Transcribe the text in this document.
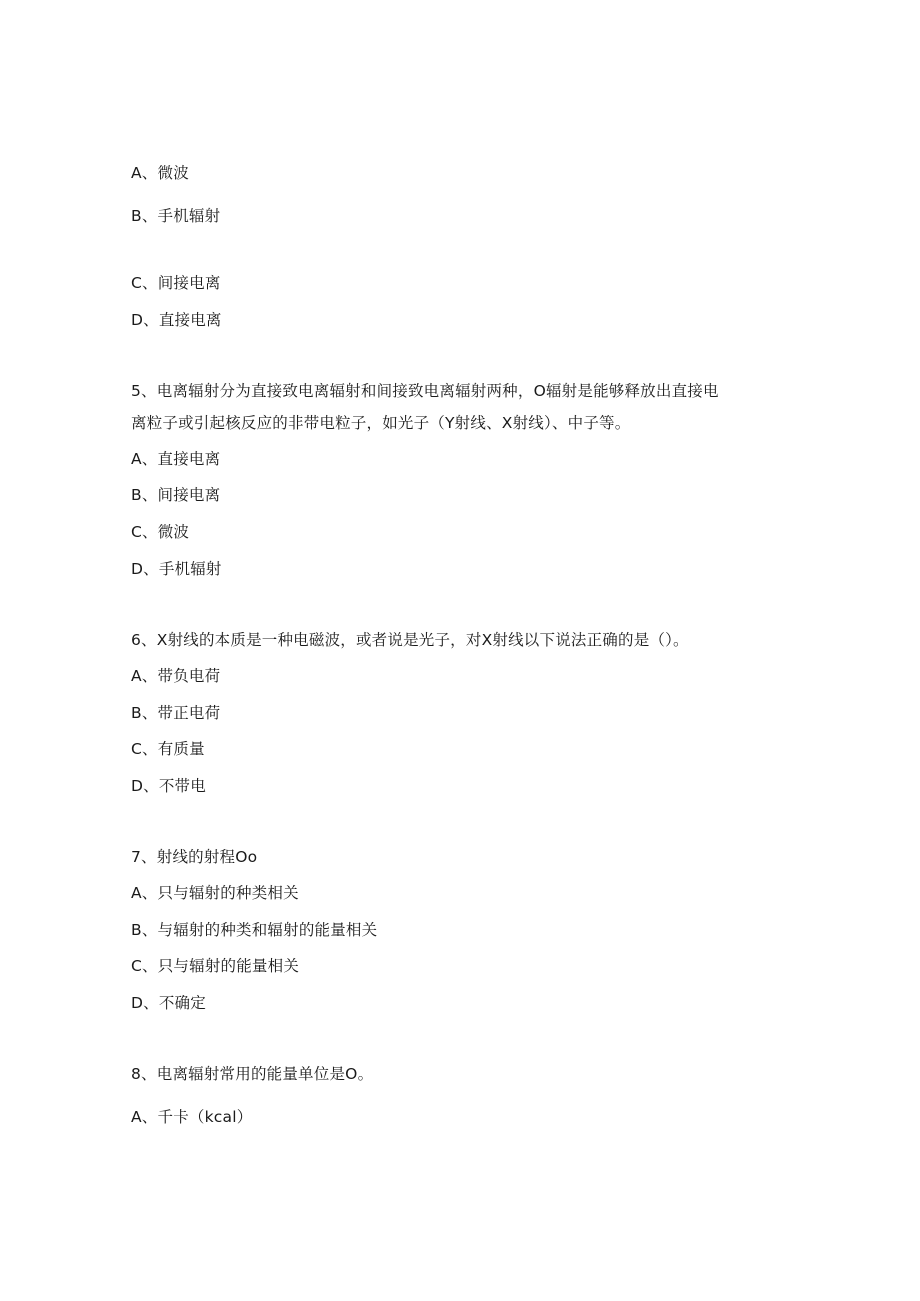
A、微波
B、手机辐射
C、间接电离
D、直接电离
5、电离辐射分为直接致电离辐射和间接致电离辐射两种，O辐射是能够释放出直接电
离粒子或引起核反应的非带电粒子，如光子（Y射线、X射线）、中子等。
A、直接电离
B、间接电离
C、微波
D、手机辐射
6、X射线的本质是一种电磁波，或者说是光子，对X射线以下说法正确的是（）。
A、带负电荷
B、带正电荷
C、有质量
D、不带电
7、射线的射程Oo
A、只与辐射的种类相关
B、与辐射的种类和辐射的能量相关
C、只与辐射的能量相关
D、不确定
8、电离辐射常用的能量单位是O。
A、千卡（kcal）
